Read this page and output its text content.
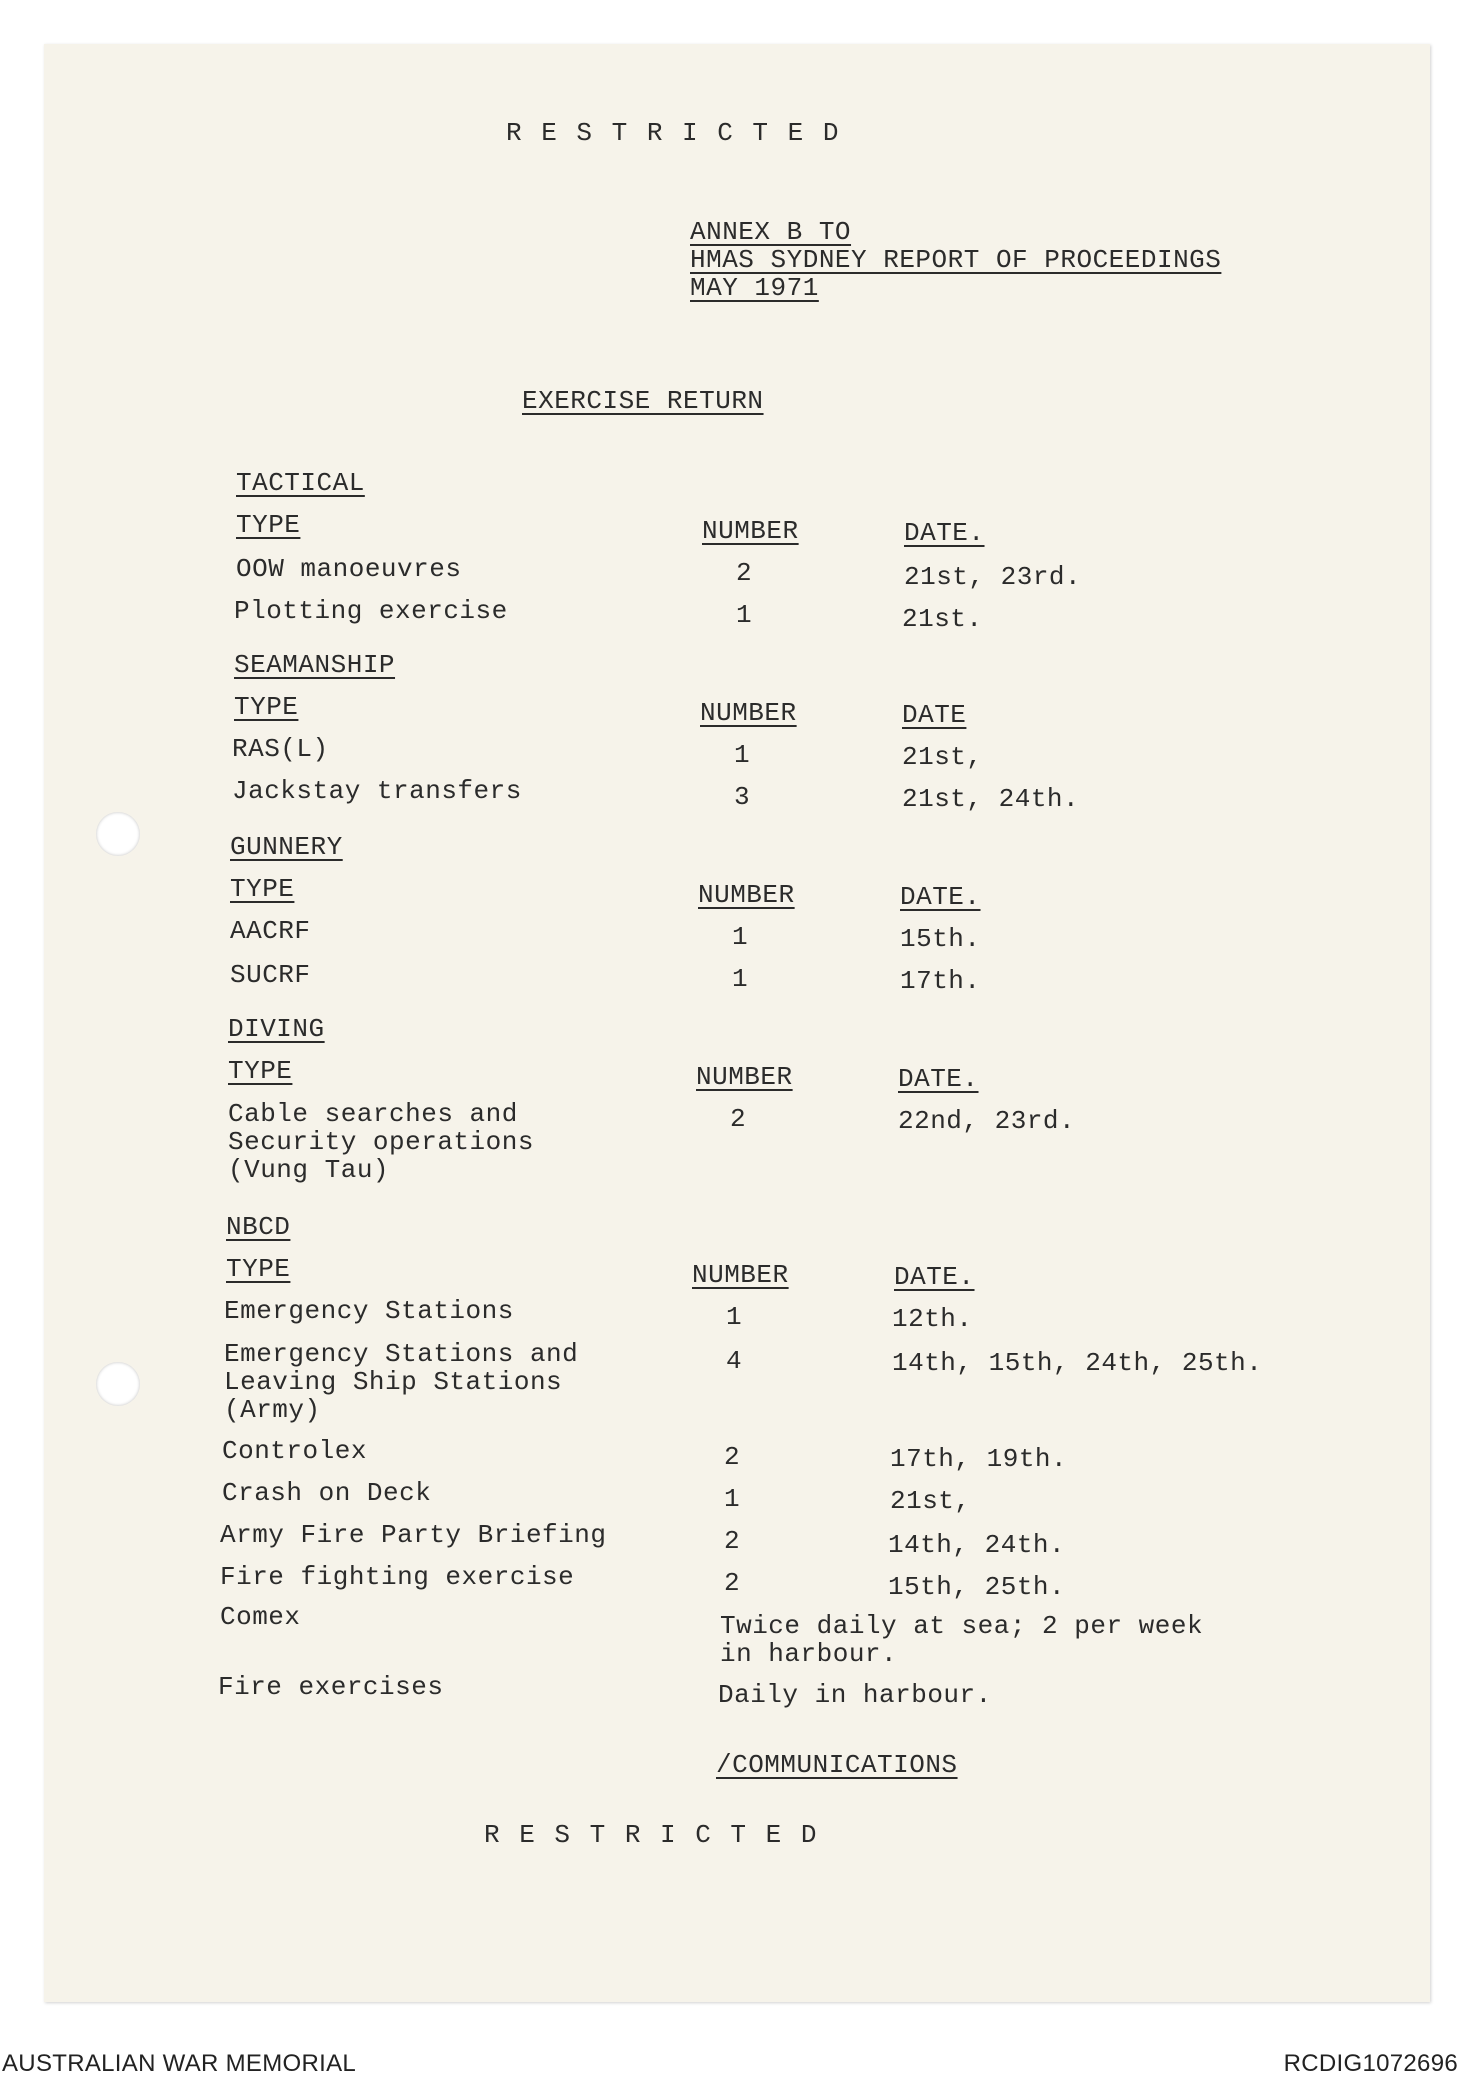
R E S T R I C T E D
ANNEX B TO
HMAS SYDNEY REPORT OF PROCEEDINGS
MAY 1971
EXERCISE RETURN
TACTICAL
TYPE	NUMBER	DATE.
OOW manoeuvres	2	21st, 23rd.
Plotting exercise	1	21st.
SEAMANSHIP
TYPE	NUMBER	DATE
RAS(L)	1	21st,
Jackstay transfers	3	21st, 24th.
GUNNERY
TYPE	NUMBER	DATE.
AACRF	1	15th.
SUCRF	1	17th.
DIVING
TYPE	NUMBER	DATE.
Cable searches and
Security operations
(Vung Tau)
2	22nd, 23rd.
NBCD
TYPE	NUMBER	DATE.
Emergency Stations	1	12th.
Emergency Stations and
Leaving Ship Stations
(Army)
4	14th, 15th, 24th, 25th.
Controlex	2	17th, 19th.
Crash on Deck	1	21st,
Army Fire Party Briefing	2	14th, 24th.
Fire fighting exercise	2	15th, 25th.
Comex	Twice daily at sea; 2 per week
in harbour.
Fire exercises	Daily in harbour.
/COMMUNICATIONS
R E S T R I C T E D
AUSTRALIAN WAR MEMORIAL	RCDIG1072696
